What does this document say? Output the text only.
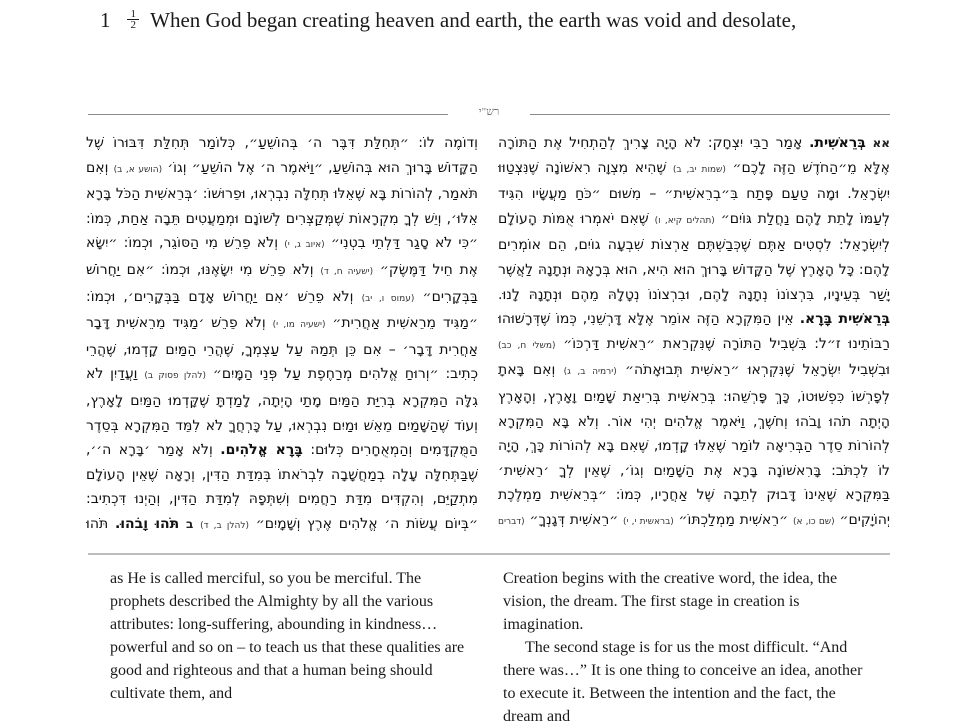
$1 \frac{1}{2}$ When God began creating heaven and earth, the earth was void and desolate,
רש"י
אא בְּרֵאשִׁית. אָמַר רַבִּי יִצְחָק: לֹא הָיָה צָרִיךְ לְהַתְחִיל אֶת הַתּוֹרָה אֶלָּא מֵ״הַחֹדֶשׁ הַזֶּה לָכֶם״ (שמות יב, ב) שֶׁהִיא מִצְוָה רִאשׁוֹנָה שֶׁנִּצְטַוּוּ יִשְׂרָאֵל. וּמָה טַעַם פָּתַח בִּ״בְרֵאשִׁית״ – מִשּׁוּם ״כֹּחַ מַעֲשָׂיו הִגִּיד לְעַמּוֹ לָתֵת לָהֶם נַחֲלַת גּוֹיִם״ (תהלים קיא, ו) שֶׁאִם יֹאמְרוּ אֻמּוֹת הָעוֹלָם לְיִשְׂרָאֵל: לִסְטִים אַתֶּם שֶׁכְּבַשְׁתֶּם אַרְצוֹת שִׁבְעָה גוֹיִם, הֵם אוֹמְרִים לָהֶם: כָּל הָאָרֶץ שֶׁל הַקָּדוֹשׁ בָּרוּךְ הוּא הִיא, הוּא בְּרָאָהּ וּנְתָנָהּ לַאֲשֶׁר יָשַׁר בְּעֵינָיו, בִּרְצוֹנוֹ נְתָנָהּ לָהֶם, וּבִרְצוֹנוֹ נְטָלָהּ מֵהֶם וּנְתָנָהּ לָנוּ. בְּרֵאשִׁית בָּרָא. אֵין הַמִּקְרָא הַזֶּה אוֹמֵר אֶלָּא דָּרְשֵׁנִי, כְּמוֹ שֶׁדְּרָשׁוּהוּ רַבּוֹתֵינוּ ז״ל: בִּשְׁבִיל הַתּוֹרָה שֶׁנִּקְרֵאת ״רֵאשִׁית דַּרְכּוֹ״ (משלי ח, כב) וּבִשְׁבִיל יִשְׂרָאֵל שֶׁנִּקְרְאוּ ״רֵאשִׁית תְּבוּאָתֹה״ (ירמיה ב, ג) וְאִם בָּאתָ לְפָרְשׁוֹ כִּפְשׁוּטוֹ, כָּךְ פָּרְשֵׁהוּ: בְּרֵאשִׁית בְּרִיאַת שָׁמַיִם וָאָרֶץ, וְהָאָרֶץ הָיְתָה תֹהוּ וָבֹהוּ וְחֹשֶׁךְ, וַיֹּאמֶר אֱלֹהִים יְהִי אוֹר. וְלֹא בָּא הַמִּקְרָא לְהוֹרוֹת סֵדֶר הַבְּרִיאָה לוֹמַר שֶׁאֵלּוּ קָדְמוּ, שֶׁאִם בָּא לְהוֹרוֹת כָּךְ, הָיָה לוֹ לִכְתֹּב: בָּרִאשׁוֹנָה בָּרָא אֶת הַשָּׁמַיִם וְגוֹ׳, שֶׁאֵין לְךָ ׳רֵאשִׁית׳ בַּמִּקְרָא שֶׁאֵינוֹ דָּבוּק לְתֵבָה שֶׁל אַחֲרָיו, כְּמוֹ: ״בְּרֵאשִׁית מַמְלֶכֶת יְהוֹיָקִים״ (שם כו, א) ״רֵאשִׁית מַמְלַכְתּוֹ״ (בראשית י, י) ״רֵאשִׁית דְּגָנְךָ״ (דברים
וְדוֹמֶה לוֹ: ״תְּחִלַּת דִּבֶּר ה׳ בְּהוֹשֵׁעַ״, כְּלוֹמַר תְּחִלַּת דִּבּוּרוֹ שֶׁל הַקָּדוֹשׁ בָּרוּךְ הוּא בְּהוֹשֵׁעַ, ״וַיֹּאמֶר ה׳ אֶל הוֹשֵׁעַ״ וְגוֹ׳ (הושע א, ב) וְאִם תֹּאמַר, לְהוֹרוֹת בָּא שֶׁאֵלּוּ תְּחִלָּה נִבְרְאוּ, וּפֵרוּשׁוֹ: ׳בְּרֵאשִׁית הַכֹּל בָּרָא אֵלּוּ׳, וְיֵשׁ לְךָ מִקְרָאוֹת שֶׁמְּקַצְּרִים לְשׁוֹנָם וּמְמַעֲטִים תֵּבָה אַחַת, כְּמוֹ: ״כִּי לֹא סָגַר דַּלְתֵי בִטְנִי״ (איוב ג, י) וְלֹא פֵרֵשׁ מִי הַסּוֹגֵר, וּכְמוֹ: ״יִשָּׂא אֶת חֵיל דַּמֶּשֶׂק״ (ישעיה ח, ד) וְלֹא פֵרֵשׁ מִי יִשָּׂאֶנּוּ, וּכְמוֹ: ״אִם יַחֲרוֹשׁ בַּבְּקָרִים״ (עמוס ו, יב) וְלֹא פֵרֵשׁ ׳אִם יַחֲרוֹשׁ אָדָם בַּבְּקָרִים׳, וּכְמוֹ: ״מַגִּיד מֵרֵאשִׁית אַחֲרִית״ (ישעיה מו, י) וְלֹא פֵרֵשׁ ׳מַגִּיד מֵרֵאשִׁית דָּבָר אַחֲרִית דָּבָר׳ – אִם כֵּן תְּמַהּ עַל עַצְמְךָ, שֶׁהֲרֵי הַמַּיִם קָדְמוּ, שֶׁהֲרֵי כְתִיב: ״וְרוּחַ אֱלֹהִים מְרַחֶפֶת עַל פְּנֵי הַמָּיִם״ (להלן פסוק ב) וַעֲדַיִן לֹא גִלָּה הַמִּקְרָא בְּרִיַּת הַמַּיִם מָתַי הָיְתָה, לָמַדְתָּ שֶׁקָּדְמוּ הַמַּיִם לָאָרֶץ, וְעוֹד שֶׁהַשָּׁמַיִם מֵאֵשׁ וּמַיִם נִבְרְאוּ, עַל כָּרְחֲךָ לֹא לִמֵּד הַמִּקְרָא בְּסֵדֶר הַמֻּקְדָּמִים וְהַמְאֻחָרִים כְּלוּם: בָּרָא אֱלֹהִים. וְלֹא אָמַר ׳בָּרָא ה׳׳, שֶׁבַּתְּחִלָּה עָלָה בְמַחֲשָׁבָה לִבְרֹאתוֹ בְּמִדַּת הַדִּין, וְרָאָה שֶׁאֵין הָעוֹלָם מִתְקַיֵּם, וְהִקְדִּים מִדַּת רַחֲמִים וְשִׁתְּפָהּ לְמִדַּת הַדִּין, וְהַיְנוּ דִּכְתִיב: ״בְּיוֹם עֲשׂוֹת ה׳ אֱלֹהִים אֶרֶץ וְשָׁמָיִם״ (להלן ב, ד) ב תֹּהוּ וָבֹהוּ. תֹּהוּ

as He is called merciful, so you be merciful. The prophets described the Almighty by all the various attributes: long-suffering, abounding in kindness…powerful and so on – to teach us that these qualities are good and righteous and that a human being should cultivate them, and

Creation begins with the creative word, the idea, the vision, the dream. The first stage in creation is imagination.

The second stage is for us the most difficult. “And there was…” It is one thing to conceive an idea, another to execute it. Between the intention and the fact, the dream and
